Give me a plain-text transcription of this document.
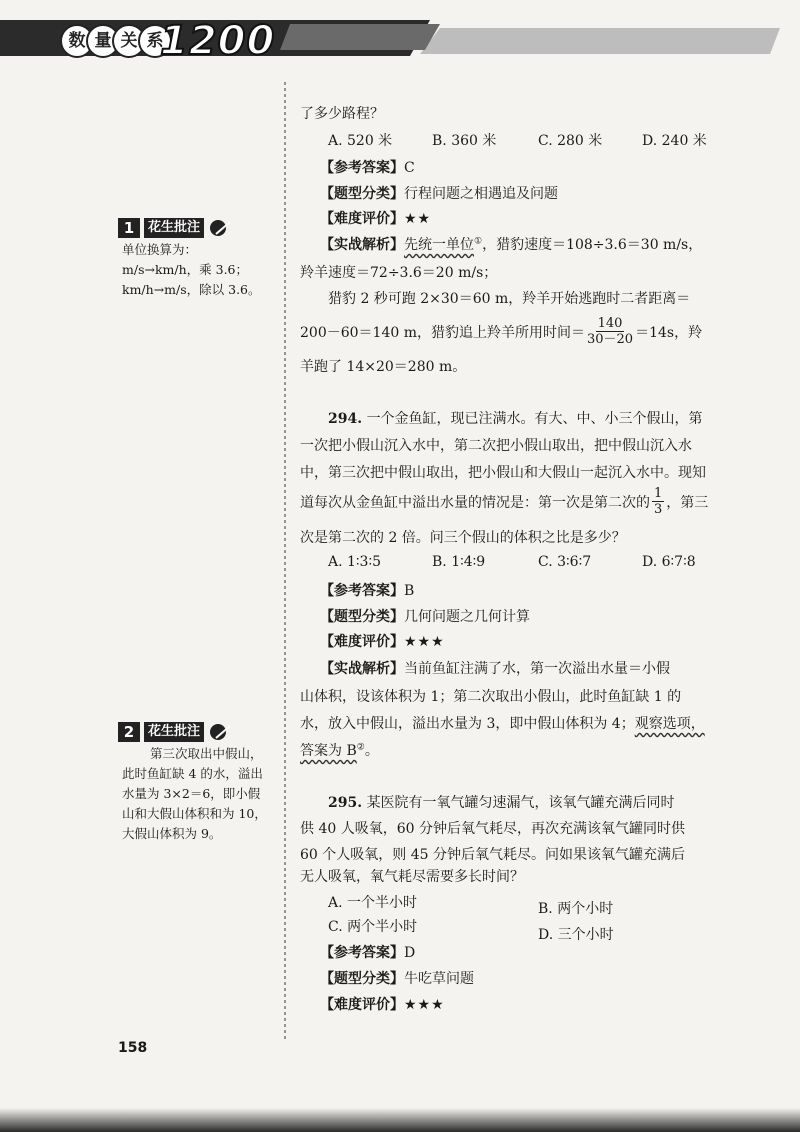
数 量 关 系
1200
1	花生批注
单位换算为：
m/s→km/h，乘 3.6；
km/h→m/s，除以 3.6。
2	花生批注
第三次取出中假山，
此时鱼缸缺 4 的水，溢出
水量为 3×2＝6，即小假
山和大假山体积和为 10，
大假山体积为 9。
了多少路程？
A. 520 米	B. 360 米	C. 280 米	D. 240 米
【参考答案】C
【题型分类】行程问题之相遇追及问题
【难度评价】★★
【实战解析】先统一单位①，猎豹速度＝108÷3.6＝30 m/s，
羚羊速度＝72÷3.6＝20 m/s；
猎豹 2 秒可跑 2×30＝60 m，羚羊开始逃跑时二者距离＝
200－60＝140 m，猎豹追上羚羊所用时间＝ $\frac{140}{30-20} =14s$，羚
羊跑了 14×20＝280 m。
294. 一个金鱼缸，现已注满水。有大、中、小三个假山，第
一次把小假山沉入水中，第二次把小假山取出，把中假山沉入水
中，第三次把中假山取出，把小假山和大假山一起沉入水中。现知
道每次从金鱼缸中溢出水量的情况是：第一次是第二次的 $\frac{1}{3}$ ，第三
次是第二次的 2 倍。问三个假山的体积之比是多少？
A. 1∶3∶5	B. 1∶4∶9	C. 3∶6∶7	D. 6∶7∶8
【参考答案】B
【题型分类】几何问题之几何计算
【难度评价】★★★
【实战解析】当前鱼缸注满了水，第一次溢出水量＝小假
山体积，设该体积为 1；第二次取出小假山，此时鱼缸缺 1 的
水，放入中假山，溢出水量为 3，即中假山体积为 4；观察选项，
答案为 B②。
295. 某医院有一氧气罐匀速漏气，该氧气罐充满后同时
供 40 人吸氧，60 分钟后氧气耗尽，再次充满该氧气罐同时供
60 个人吸氧，则 45 分钟后氧气耗尽。问如果该氧气罐充满后
无人吸氧，氧气耗尽需要多长时间？
A. 一个半小时	B. 两个小时
C. 两个半小时	D. 三个小时
【参考答案】D
【题型分类】牛吃草问题
【难度评价】★★★
158
